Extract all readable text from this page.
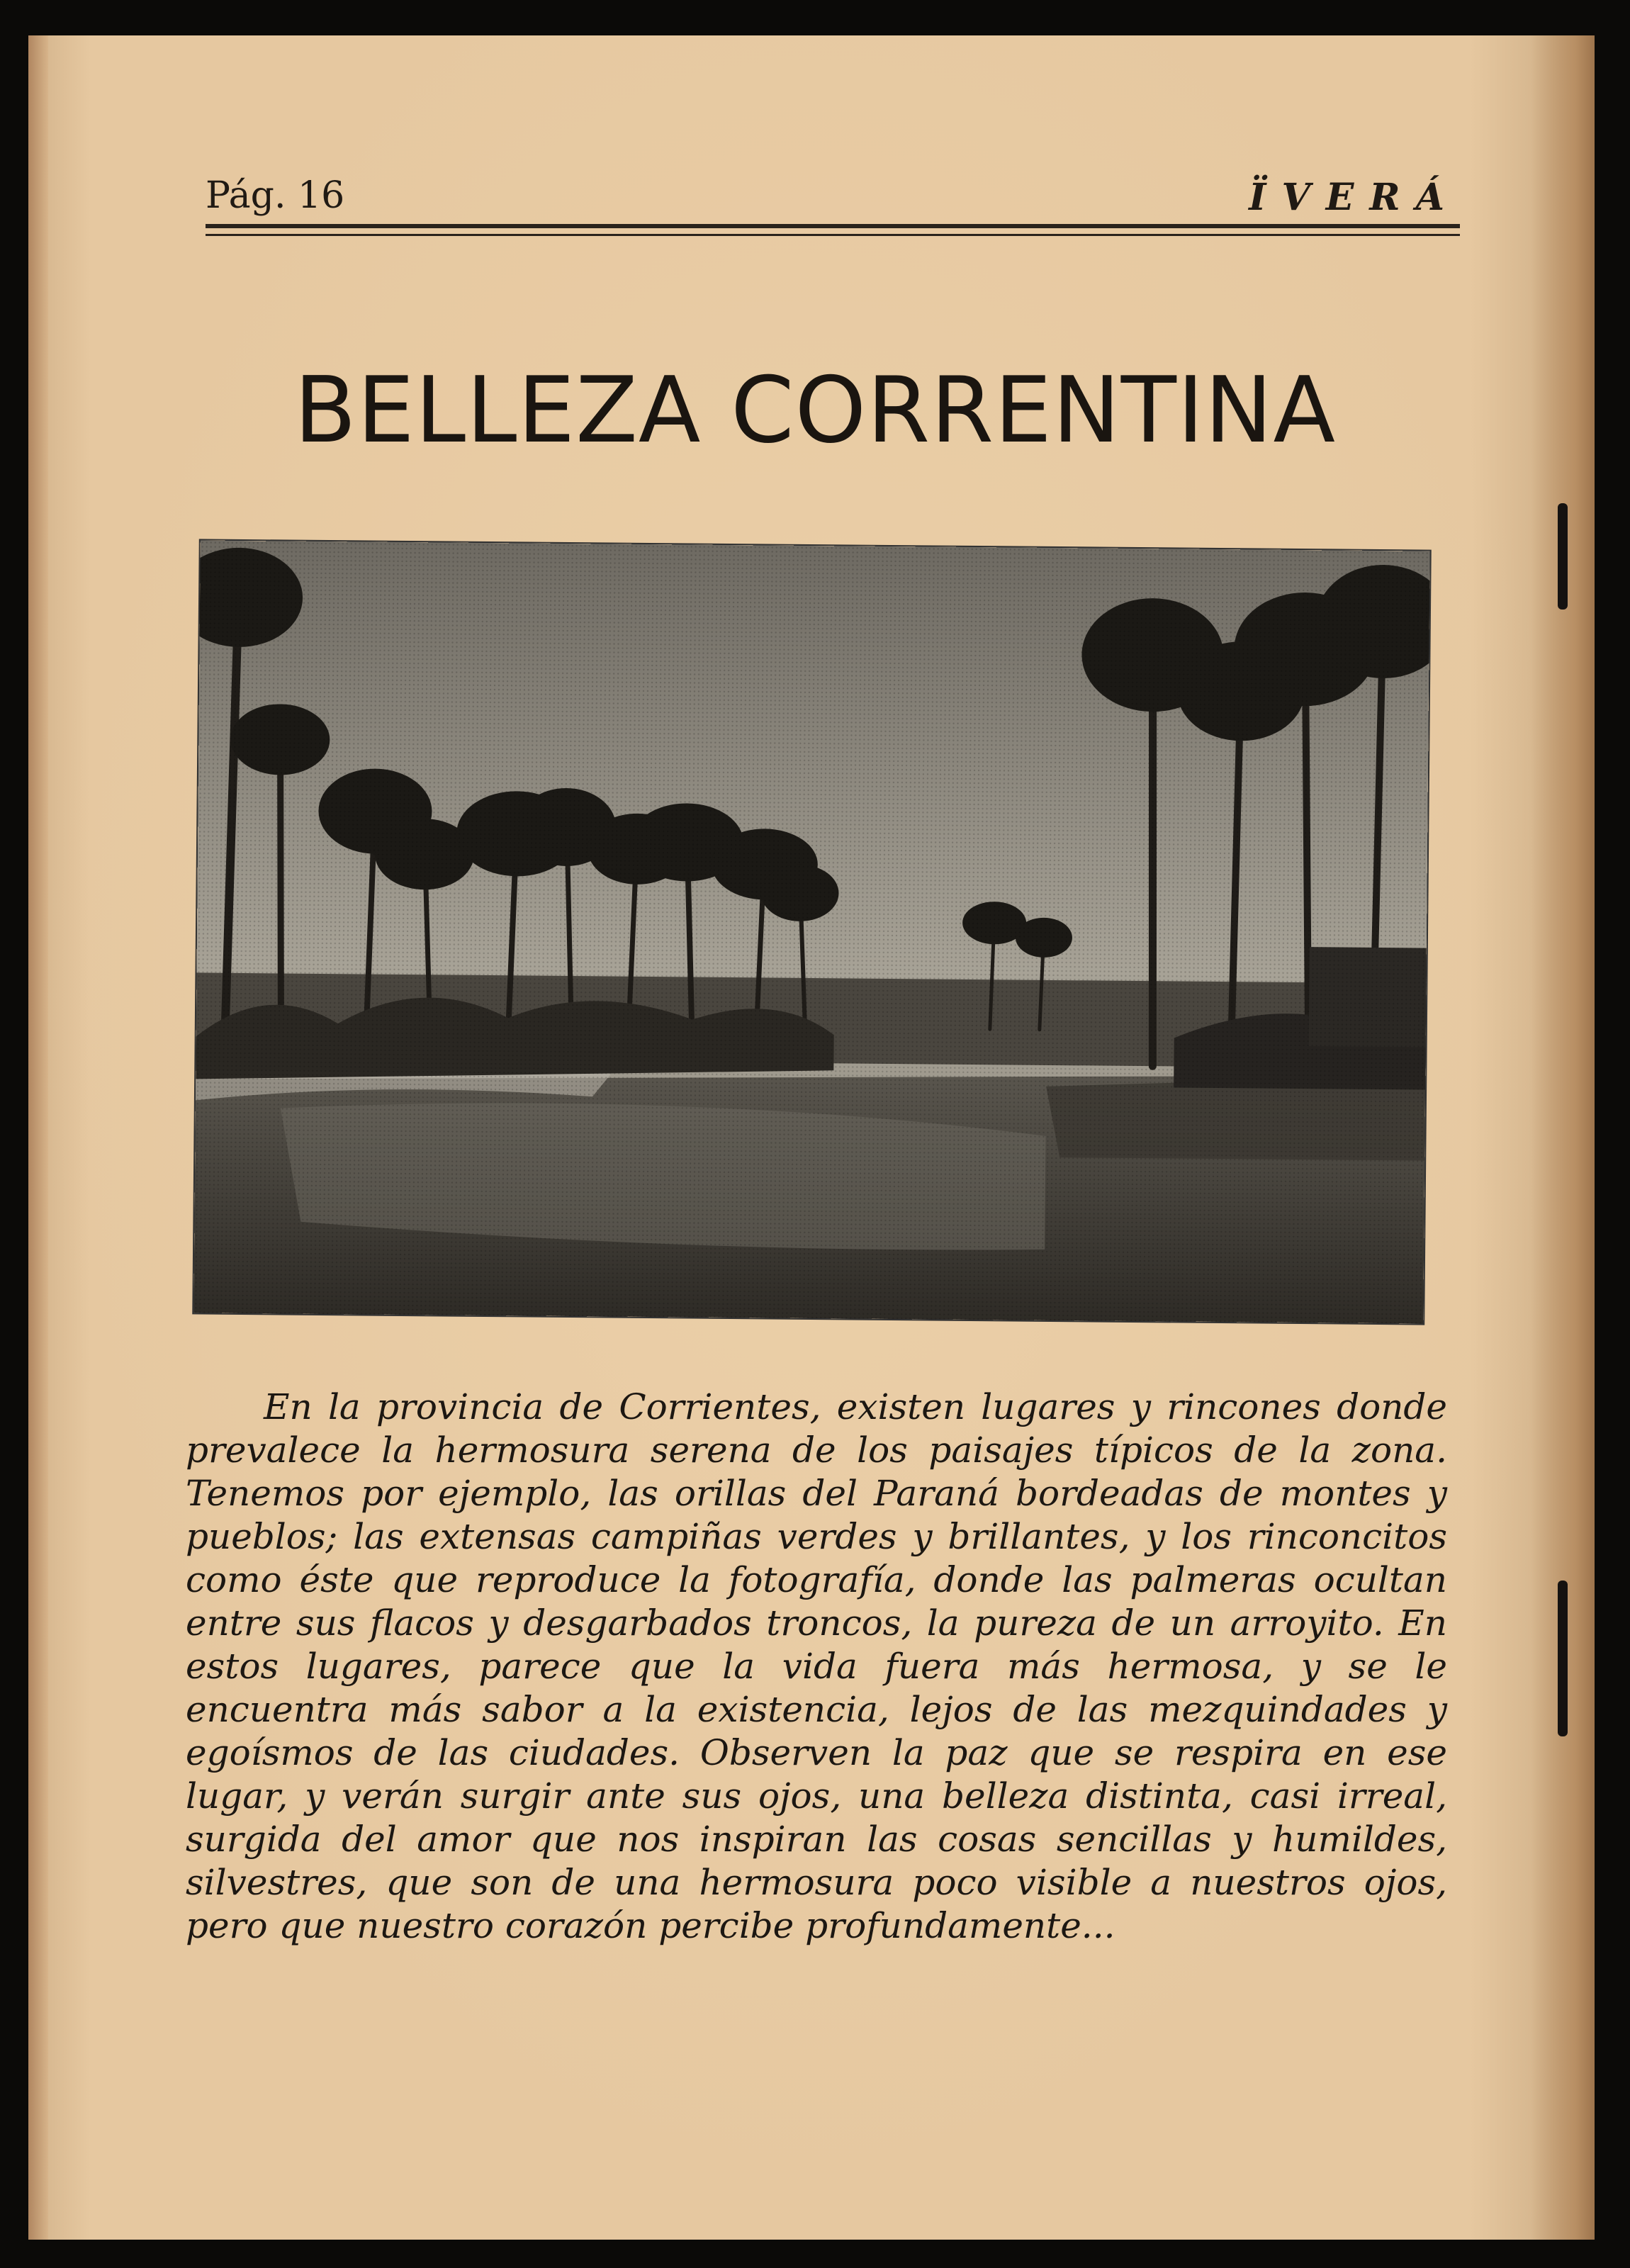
Pág. 16	ÏVERÁ
BELLEZA CORRENTINA

En la provincia de Corrientes, existen lugares y rincones donde prevalece la hermosura serena de los paisajes típicos de la zona. Tenemos por ejemplo, las orillas del Paraná bordeadas de montes y pueblos; las extensas campiñas verdes y brillantes, y los rinconcitos como éste que reproduce la fotografía, donde las palmeras ocultan entre sus flacos y desgarbados troncos, la pureza de un arroyito. En estos lugares, parece que la vida fuera más hermosa, y se le encuentra más sabor a la existencia, lejos de las mezquindades y egoísmos de las ciudades. Observen la paz que se respira en ese lugar, y verán surgir ante sus ojos, una belleza distinta, casi irreal, surgida del amor que nos inspiran las cosas sencillas y humildes, silvestres, que son de una hermosura poco visible a nuestros ojos, pero que nuestro corazón percibe profundamente...
